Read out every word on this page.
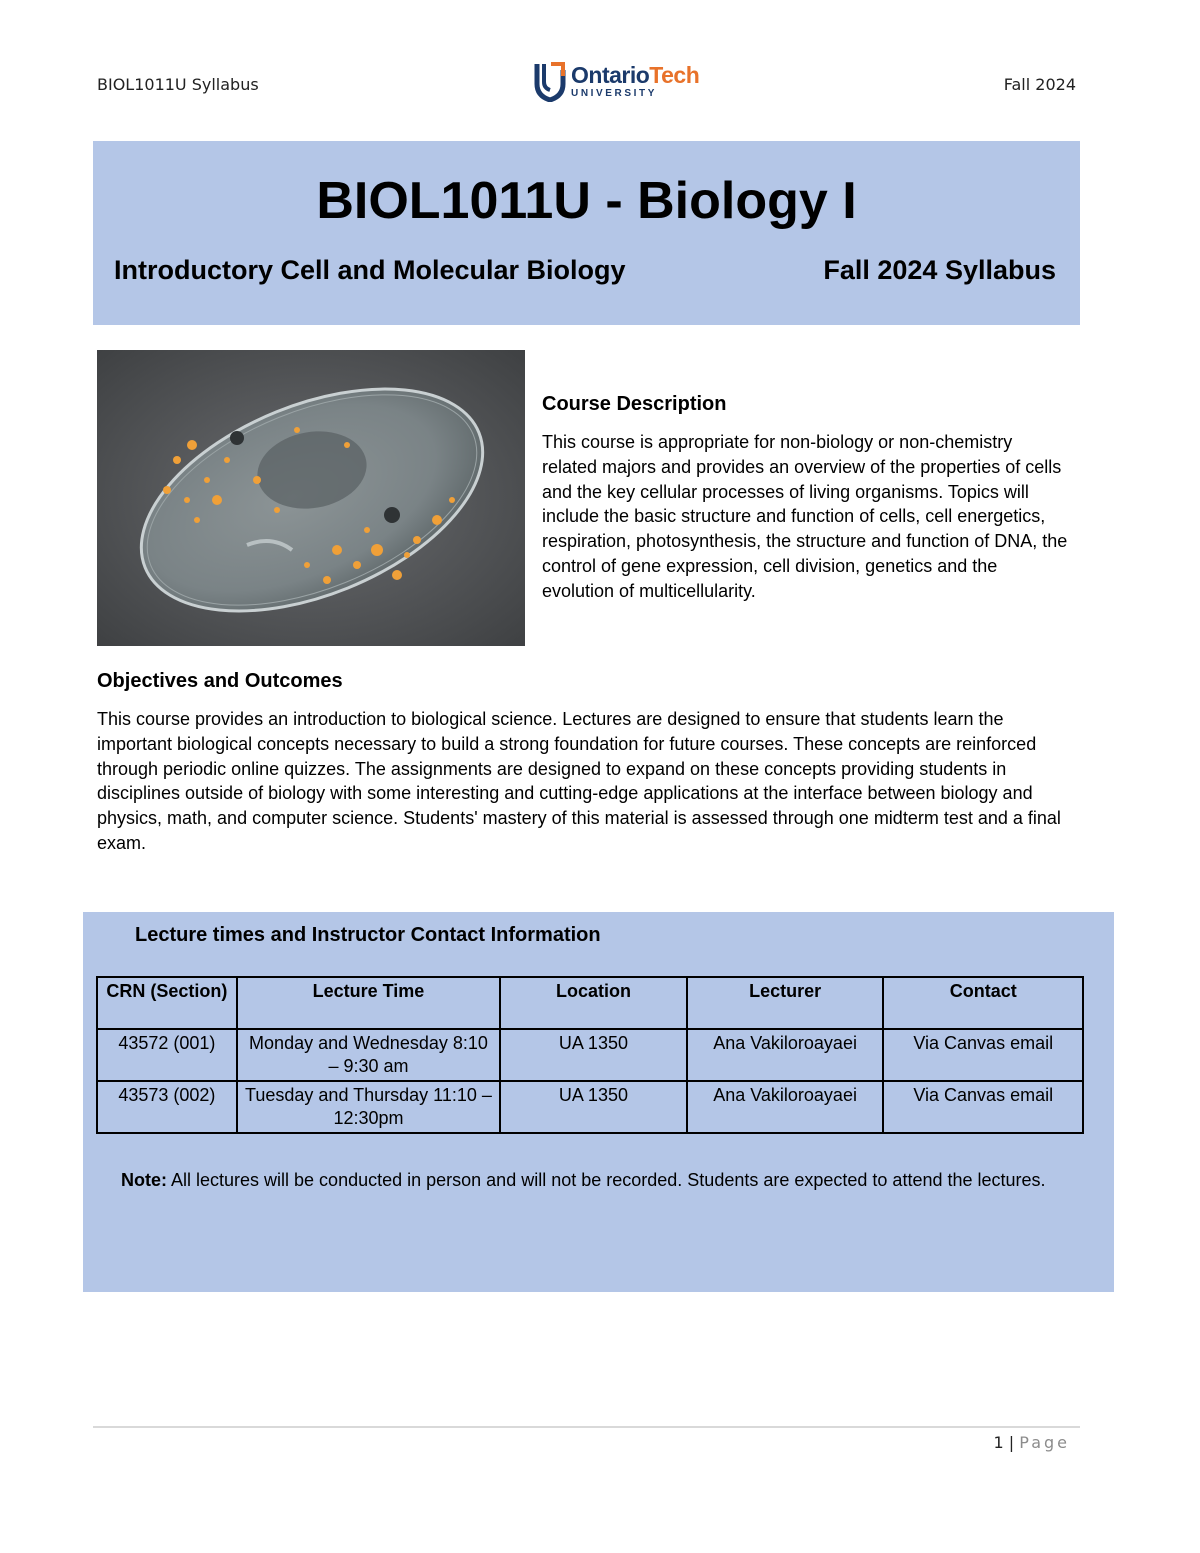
BIOL1011U Syllabus	OntarioTech
UNIVERSITY	Fall 2024
BIOL1011U - Biology I
Introductory Cell and Molecular Biology	Fall 2024 Syllabus
Course Description
This course is appropriate for non-biology or non-chemistry related majors and provides an overview of the properties of cells and the key cellular processes of living organisms. Topics will include the basic structure and function of cells, cell energetics, respiration, photosynthesis, the structure and function of DNA, the control of gene expression, cell division, genetics and the evolution of multicellularity.
Objectives and Outcomes
This course provides an introduction to biological science. Lectures are designed to ensure that students learn the important biological concepts necessary to build a strong foundation for future courses. These concepts are reinforced through periodic online quizzes. The assignments are designed to expand on these concepts providing students in disciplines outside of biology with some interesting and cutting-edge applications at the interface between biology and physics, math, and computer science. Students' mastery of this material is assessed through one midterm test and a final exam.
Lecture times and Instructor Contact Information
CRN (Section)	Lecture Time	Location	Lecturer	Contact
43572 (001)	Monday and Wednesday 8:10 – 9:30 am	UA 1350	Ana Vakiloroayaei	Via Canvas email
43573 (002)	Tuesday and Thursday 11:10 – 12:30pm	UA 1350	Ana Vakiloroayaei	Via Canvas email
Note: All lectures will be conducted in person and will not be recorded. Students are expected to attend the lectures.
1 | Page
